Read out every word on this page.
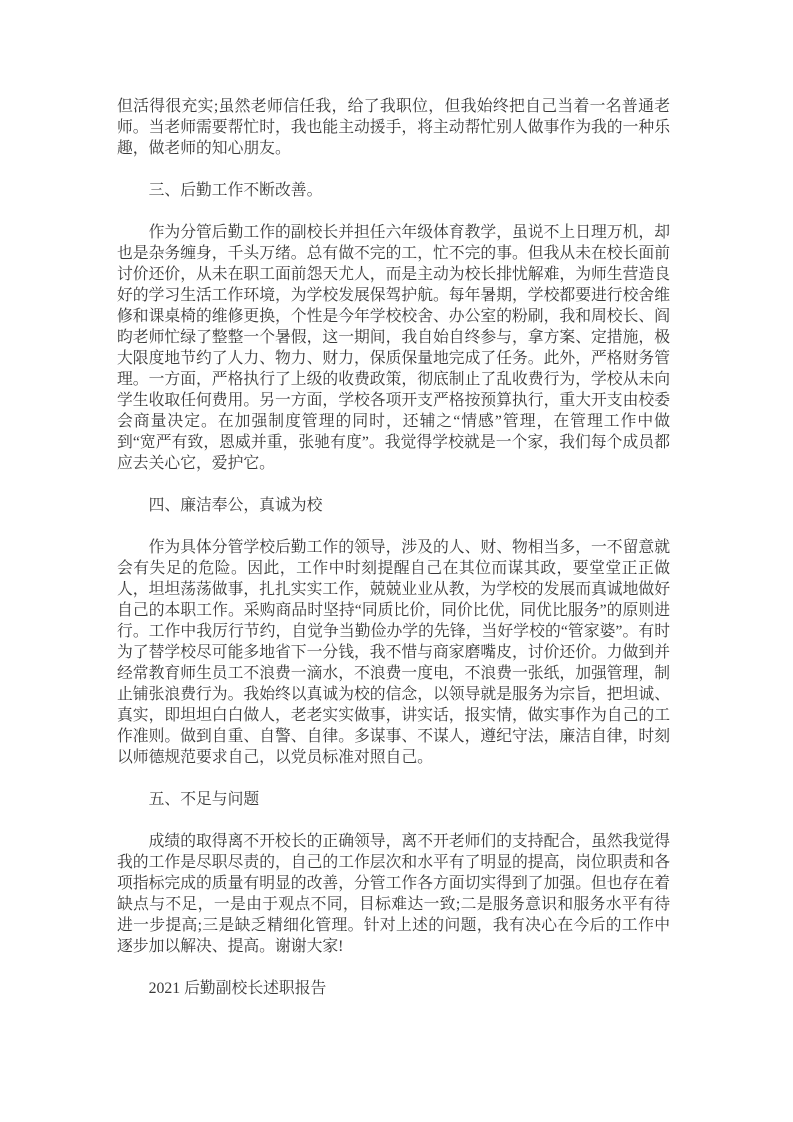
但活得很充实;虽然老师信任我，给了我职位，但我始终把自己当着一名普通老师。当老师需要帮忙时，我也能主动援手，将主动帮忙别人做事作为我的一种乐趣，做老师的知心朋友。

三、后勤工作不断改善。

作为分管后勤工作的副校长并担任六年级体育教学，虽说不上日理万机，却也是杂务缠身，千头万绪。总有做不完的工，忙不完的事。但我从未在校长面前讨价还价，从未在职工面前怨天尤人，而是主动为校长排忧解难，为师生营造良好的学习生活工作环境，为学校发展保驾护航。每年暑期，学校都要进行校舍维修和课桌椅的维修更换，个性是今年学校校舍、办公室的粉刷，我和周校长、阎昀老师忙绿了整整一个暑假，这一期间，我自始自终参与，拿方案、定措施，极大限度地节约了人力、物力、财力，保质保量地完成了任务。此外，严格财务管理。一方面，严格执行了上级的收费政策，彻底制止了乱收费行为，学校从未向学生收取任何费用。另一方面，学校各项开支严格按预算执行，重大开支由校委会商量决定。在加强制度管理的同时，还辅之“情感”管理，在管理工作中做到“宽严有致，恩威并重，张驰有度”。我觉得学校就是一个家，我们每个成员都应去关心它，爱护它。

四、廉洁奉公，真诚为校

作为具体分管学校后勤工作的领导，涉及的人、财、物相当多，一不留意就会有失足的危险。因此，工作中时刻提醒自己在其位而谋其政，要堂堂正正做人，坦坦荡荡做事，扎扎实实工作，兢兢业业从教，为学校的发展而真诚地做好自己的本职工作。采购商品时坚持“同质比价，同价比优，同优比服务”的原则进行。工作中我厉行节约，自觉争当勤俭办学的先锋，当好学校的“管家婆”。有时为了替学校尽可能多地省下一分钱，我不惜与商家磨嘴皮，讨价还价。力做到并经常教育师生员工不浪费一滴水，不浪费一度电，不浪费一张纸，加强管理，制止铺张浪费行为。我始终以真诚为校的信念，以领导就是服务为宗旨，把坦诚、真实，即坦坦白白做人，老老实实做事，讲实话，报实情，做实事作为自己的工作准则。做到自重、自警、自律。多谋事、不谋人，遵纪守法，廉洁自律，时刻以师德规范要求自己，以党员标准对照自己。

五、不足与问题

成绩的取得离不开校长的正确领导，离不开老师们的支持配合，虽然我觉得我的工作是尽职尽责的，自己的工作层次和水平有了明显的提高，岗位职责和各项指标完成的质量有明显的改善，分管工作各方面切实得到了加强。但也存在着缺点与不足，一是由于观点不同，目标难达一致;二是服务意识和服务水平有待进一步提高;三是缺乏精细化管理。针对上述的问题，我有决心在今后的工作中逐步加以解决、提高。谢谢大家!

2021 后勤副校长述职报告
